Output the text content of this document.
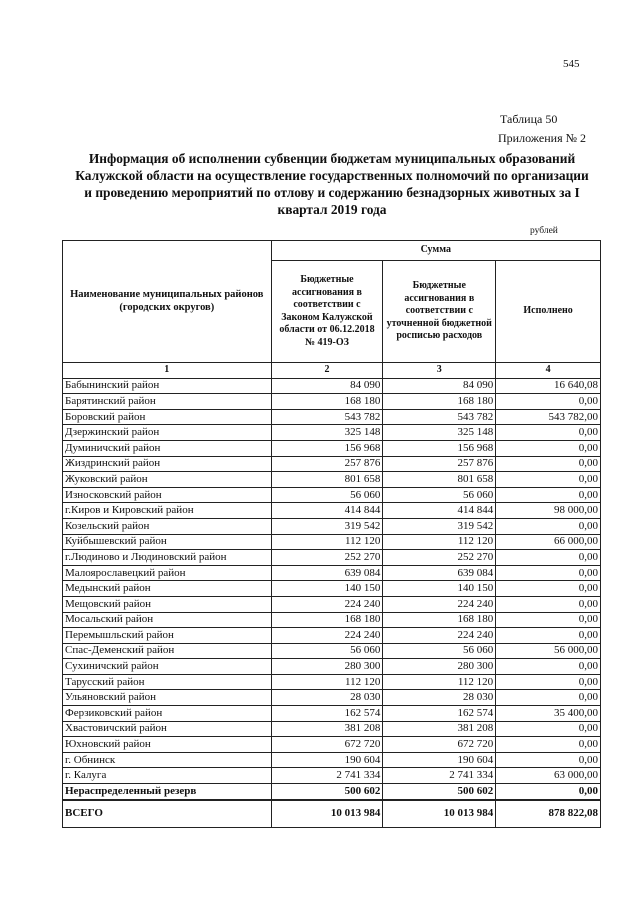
545
Таблица 50
Приложения № 2
Информация об исполнении субвенции бюджетам муниципальных образований Калужской области на осуществление государственных полномочий по организации и проведению мероприятий по отлову и содержанию безнадзорных животных за I квартал 2019 года
рублей
Наименование муниципальных районов (городских округов)	Сумма		
	Бюджетные ассигнования в соответствии с Законом Калужской области от 06.12.2018 № 419-ОЗ	Бюджетные ассигнования в соответствии с уточненной бюджетной росписью расходов	Исполнено
1	2	3	4
Бабынинский район	84 090	84 090	16 640,08
Барятинский район	168 180	168 180	0,00
Боровский район	543 782	543 782	543 782,00
Дзержинский район	325 148	325 148	0,00
Думиничский район	156 968	156 968	0,00
Жиздринский район	257 876	257 876	0,00
Жуковский район	801 658	801 658	0,00
Износковский район	56 060	56 060	0,00
г.Киров и Кировский район	414 844	414 844	98 000,00
Козельский район	319 542	319 542	0,00
Куйбышевский район	112 120	112 120	66 000,00
г.Людиново и Людиновский район	252 270	252 270	0,00
Малоярославецкий район	639 084	639 084	0,00
Медынский район	140 150	140 150	0,00
Мещовский район	224 240	224 240	0,00
Мосальский район	168 180	168 180	0,00
Перемышльский район	224 240	224 240	0,00
Спас-Деменский район	56 060	56 060	56 000,00
Сухиничский район	280 300	280 300	0,00
Тарусский район	112 120	112 120	0,00
Ульяновский район	28 030	28 030	0,00
Ферзиковский район	162 574	162 574	35 400,00
Хвастовичский район	381 208	381 208	0,00
Юхновский район	672 720	672 720	0,00
г. Обнинск	190 604	190 604	0,00
г. Калуга	2 741 334	2 741 334	63 000,00
Нераспределенный резерв	500 602	500 602	0,00
ВСЕГО	10 013 984	10 013 984	878 822,08
